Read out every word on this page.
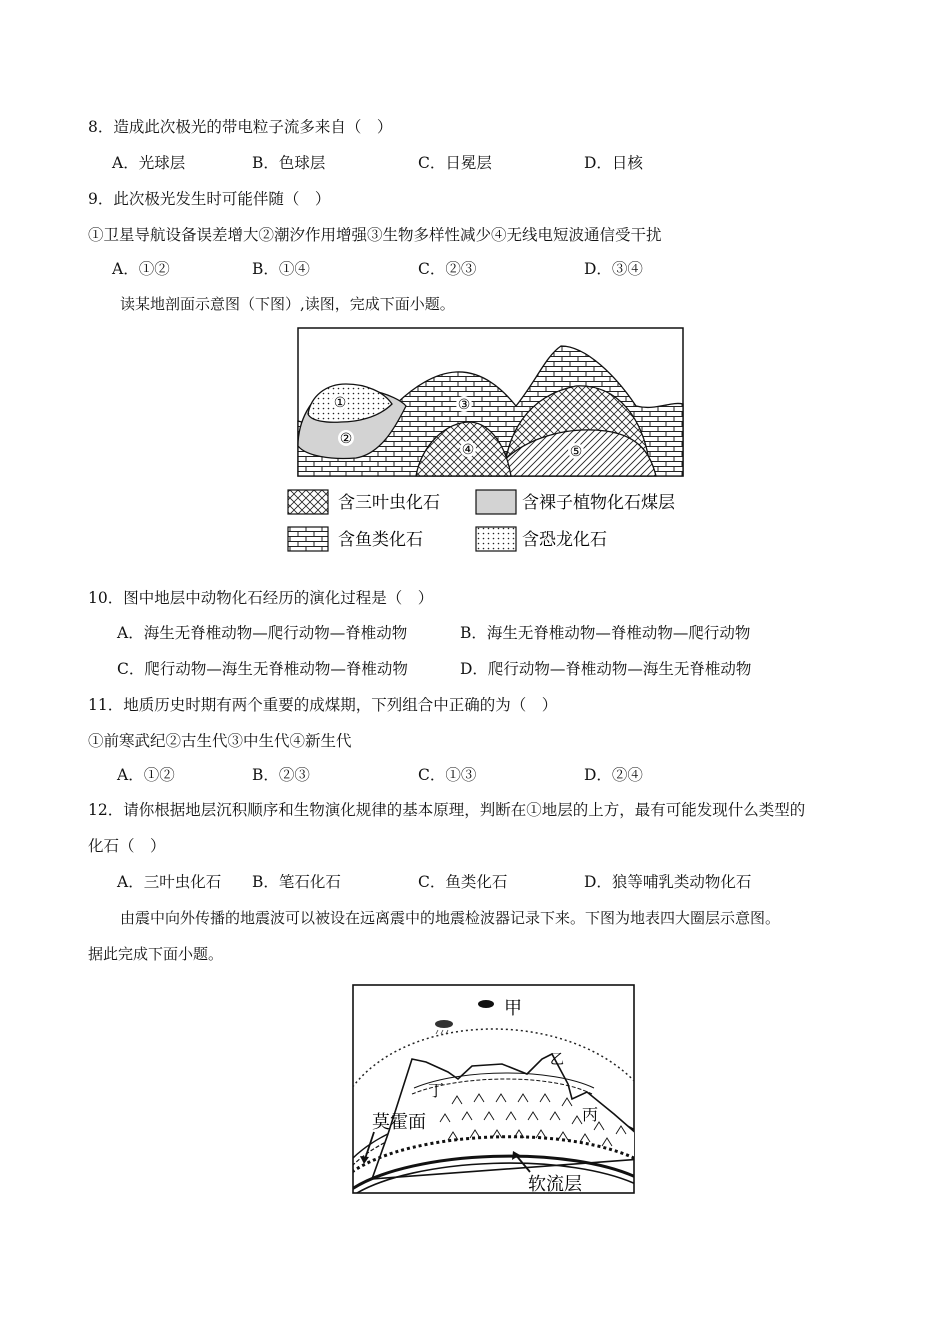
8．造成此次极光的带电粒子流多来自（　）
A．光球层	B．色球层	C．日冕层	D．日核
9．此次极光发生时可能伴随（　）
①卫星导航设备误差增大②潮汐作用增强③生物多样性减少④无线电短波通信受干扰
A．①②	B．①④	C．②③	D．③④
读某地剖面示意图（下图）,读图，完成下面小题。
①
②
③
④	⑤
含三叶虫化石	含裸子植物化石煤层
含鱼类化石	含恐龙化石
10．图中地层中动物化石经历的演化过程是（　）
A．海生无脊椎动物—爬行动物—脊椎动物	B．海生无脊椎动物—脊椎动物—爬行动物
C．爬行动物—海生无脊椎动物—脊椎动物	D．爬行动物—脊椎动物—海生无脊椎动物
11．地质历史时期有两个重要的成煤期，下列组合中正确的为（　）
①前寒武纪②古生代③中生代④新生代
A．①②	B．②③	C．①③	D．②④
12．请你根据地层沉积顺序和生物演化规律的基本原理，判断在①地层的上方，最有可能发现什么类型的
化石（　）
A．三叶虫化石 B．笔石化石	C．鱼类化石	D．狼等哺乳类动物化石
由震中向外传播的地震波可以被设在远离震中的地震检波器记录下来。下图为地表四大圈层示意图。
据此完成下面小题。
甲
乙
丙
丁
莫霍面
软流层
